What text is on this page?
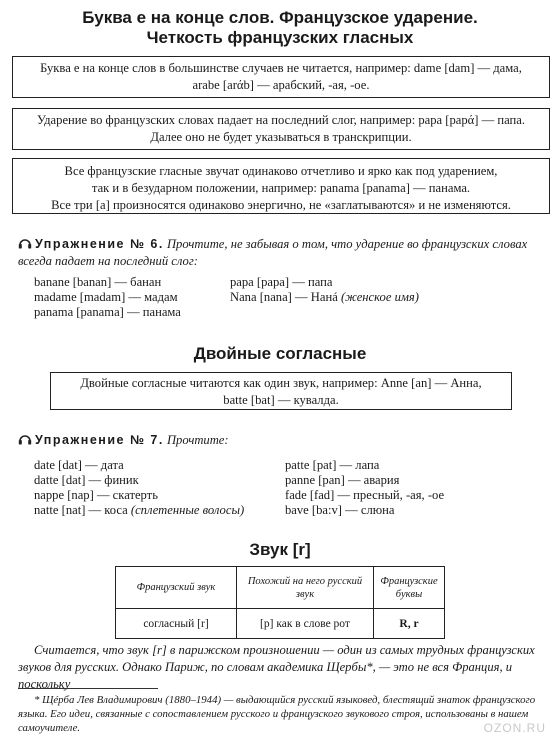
Буква е на конце слов. Французское ударение.
Четкость французских гласных

Буква е на конце слов в большинстве случаев не читается, например: dame [dam] — дама,

arabe [arάb] — арабский, -ая, -ое.

Ударение во французских словах падает на последний слог, например: papa [papά] — папа.

Далее оно не будет указываться в транскрипции.

Все французские гласные звучат одинаково отчетливо и ярко как под ударением,

так и в безударном положении, например: panama [panama] — панама.

Все три [a] произносятся одинаково энергично, не «заглатываются» и не изменяются.

Упражнение № 6. Прочтите, не забывая о том, что ударение во французских словах всегда падает на последний слог:
banane [banan] — банан
madame [madam] — мадам
panama [panama] — панама
papa [papa] — папа
Nana [nana] — Нанá (женское имя)
Двойные согласные

Двойные согласные читаются как один звук, например: Anne [an] — Анна,

batte [bat] — кувалда.

Упражнение № 7. Прочтите:
date [dat] — дата
datte [dat] — финик
nappe [nap] — скатерть
natte [nat] — коса (сплетенные волосы)
patte [pat] — лапа
panne [pan] — авария
fade [fad] — пресный, -ая, -ое
bave [ba:v] — слюна
Звук [r]
Французский звук	Похожий на него русский звук	Французские буквы
согласный [r]	[р] как в слове рот	R, r
Считается, что звук [r] в парижском произношении — один из самых трудных французских звуков для русских. Однако Париж, по словам академика Щербы*, — это не вся Франция, и поскольку
* Щéрба Лев Владимирович (1880–1944) — выдающийся русский языковед, блестящий знаток французского языка. Его идеи, связанные с сопоставлением русского и французского звукового строя, использованы в нашем самоучителе.	OZON.RU
